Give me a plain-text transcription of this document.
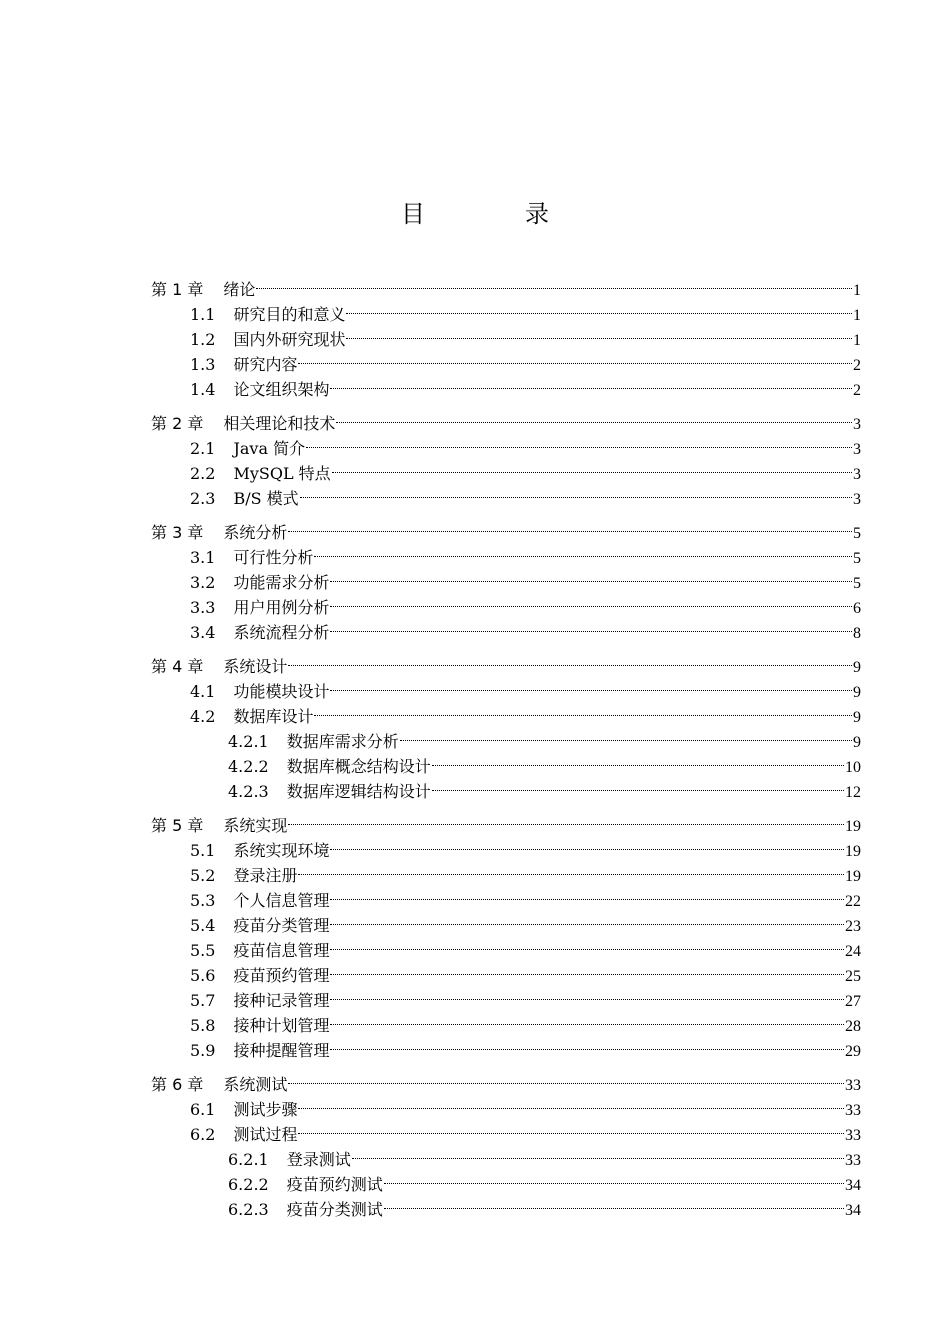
目　录
第 1 章 绪论	1
1.1 研究目的和意义	1
1.2 国内外研究现状	1
1.3 研究内容	2
1.4 论文组织架构	2
第 2 章 相关理论和技术	3
2.1 Java 简介	3
2.2 MySQL 特点	3
2.3 B/S 模式	3
第 3 章 系统分析	5
3.1 可行性分析	5
3.2 功能需求分析	5
3.3 用户用例分析	6
3.4 系统流程分析	8
第 4 章 系统设计	9
4.1 功能模块设计	9
4.2 数据库设计	9
4.2.1 数据库需求分析	9
4.2.2 数据库概念结构设计	10
4.2.3 数据库逻辑结构设计	12
第 5 章 系统实现	19
5.1 系统实现环境	19
5.2 登录注册	19
5.3 个人信息管理	22
5.4 疫苗分类管理	23
5.5 疫苗信息管理	24
5.6 疫苗预约管理	25
5.7 接种记录管理	27
5.8 接种计划管理	28
5.9 接种提醒管理	29
第 6 章 系统测试	33
6.1 测试步骤	33
6.2 测试过程	33
6.2.1 登录测试	33
6.2.2 疫苗预约测试	34
6.2.3 疫苗分类测试	34
